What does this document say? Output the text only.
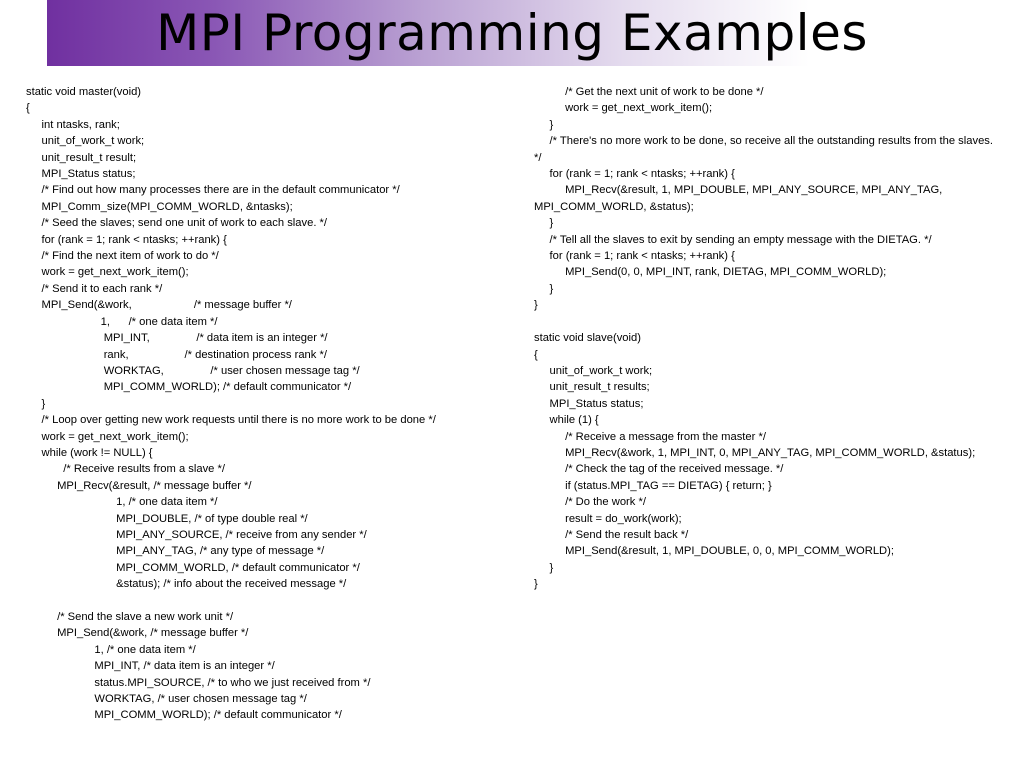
MPI Programming Examples
static void master(void)
{
int ntasks, rank;
unit_of_work_t work;
unit_result_t result;
MPI_Status status;
/* Find out how many processes there are in the default communicator */
MPI_Comm_size(MPI_COMM_WORLD, &ntasks);
/* Seed the slaves; send one unit of work to each slave. */
for (rank = 1; rank < ntasks; ++rank) {
/* Find the next item of work to do */
work = get_next_work_item();
/* Send it to each rank */
MPI_Send(&work,                    /* message buffer */
1,      /* one data item */
MPI_INT,               /* data item is an integer */
rank,                  /* destination process rank */
WORKTAG,               /* user chosen message tag */
MPI_COMM_WORLD); /* default communicator */
}
/* Loop over getting new work requests until there is no more work to be done */
work = get_next_work_item();
while (work != NULL) {
/* Receive results from a slave */
MPI_Recv(&result, /* message buffer */
1, /* one data item */
MPI_DOUBLE, /* of type double real */
MPI_ANY_SOURCE, /* receive from any sender */
MPI_ANY_TAG, /* any type of message */
MPI_COMM_WORLD, /* default communicator */
&status); /* info about the received message */

/* Send the slave a new work unit */
MPI_Send(&work, /* message buffer */
1, /* one data item */
MPI_INT, /* data item is an integer */
status.MPI_SOURCE, /* to who we just received from */
WORKTAG, /* user chosen message tag */
MPI_COMM_WORLD); /* default communicator */
/* Get the next unit of work to be done */
work = get_next_work_item();
}
/* There's no more work to be done, so receive all the outstanding results from the slaves. */
for (rank = 1; rank < ntasks; ++rank) {
MPI_Recv(&result, 1, MPI_DOUBLE, MPI_ANY_SOURCE, MPI_ANY_TAG, MPI_COMM_WORLD, &status);
}
/* Tell all the slaves to exit by sending an empty message with the DIETAG. */
for (rank = 1; rank < ntasks; ++rank) {
MPI_Send(0, 0, MPI_INT, rank, DIETAG, MPI_COMM_WORLD);
}
}

static void slave(void)
{
unit_of_work_t work;
unit_result_t results;
MPI_Status status;
while (1) {
/* Receive a message from the master */
MPI_Recv(&work, 1, MPI_INT, 0, MPI_ANY_TAG, MPI_COMM_WORLD, &status);
/* Check the tag of the received message. */
if (status.MPI_TAG == DIETAG) { return; }
/* Do the work */
result = do_work(work);
/* Send the result back */
MPI_Send(&result, 1, MPI_DOUBLE, 0, 0, MPI_COMM_WORLD);
}
}
